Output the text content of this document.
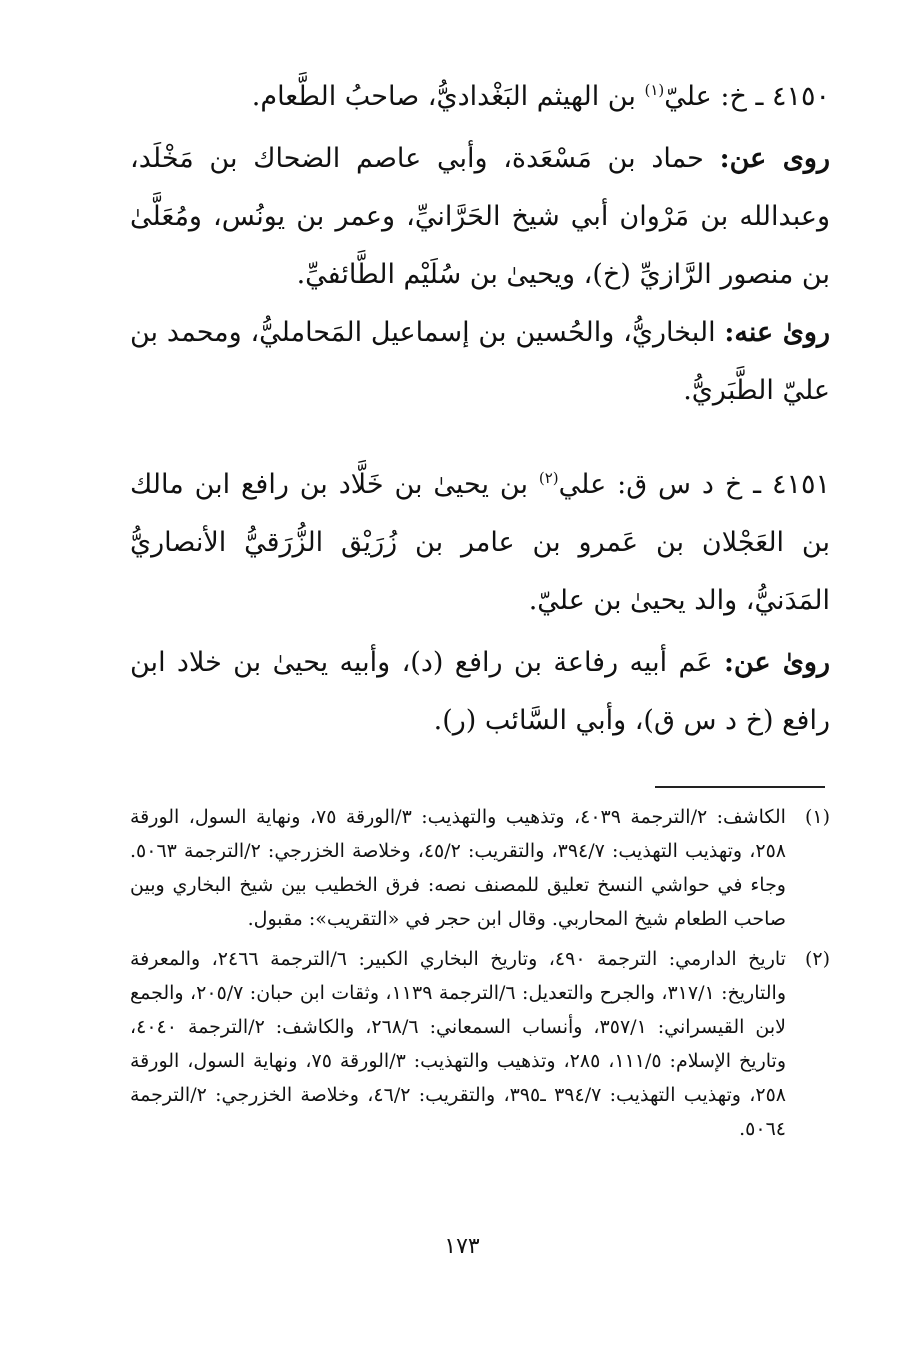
٤١٥٠ ـ خ: عليّ$^{(١)}$ بن الهيثم البَغْداديُّ، صاحبُ الطَّعام.

روى عن: حماد بن مَسْعَدة، وأبي عاصم الضحاك بن مَخْلَد، وعبدالله بن مَرْوان أبي شيخ الحَرَّانيِّ، وعمر بن يونُس، ومُعَلَّىٰ بن منصور الرَّازيِّ (خ)، ويحيىٰ بن سُلَيْم الطَّائفيِّ.

روىٰ عنه: البخاريُّ، والحُسين بن إسماعيل المَحامليُّ، ومحمد بن عليّ الطَّبَريُّ.

٤١٥١ ـ خ د س ق: علي$^{(٢)}$ بن يحيىٰ بن خَلَّاد بن رافع ابن مالك بن العَجْلان بن عَمرو بن عامر بن زُرَيْق الزُّرَقيُّ الأنصاريُّ المَدَنيُّ، والد يحيىٰ بن عليّ.

روىٰ عن: عَم أبيه رفاعة بن رافع (د)، وأبيه يحيىٰ بن خلاد ابن رافع (خ د س ق)، وأبي السَّائب (ر).

(١)
الكاشف: ٢/الترجمة ٤٠٣٩، وتذهيب والتهذيب: ٣/الورقة ٧٥، ونهاية السول، الورقة ٢٥٨، وتهذيب التهذيب: ٣٩٤/٧، والتقريب: ٤٥/٢، وخلاصة الخزرجي: ٢/الترجمة ٥٠٦٣. وجاء في حواشي النسخ تعليق للمصنف نصه: فرق الخطيب بين شيخ البخاري وبين صاحب الطعام شيخ المحاربي. وقال ابن حجر في «التقريب»: مقبول.
(٢)
تاريخ الدارمي: الترجمة ٤٩٠، وتاريخ البخاري الكبير: ٦/الترجمة ٢٤٦٦، والمعرفة والتاريخ: ٣١٧/١، والجرح والتعديل: ٦/الترجمة ١١٣٩، وثقات ابن حبان: ٢٠٥/٧، والجمع لابن القيسراني: ٣٥٧/١، وأنساب السمعاني: ٢٦٨/٦، والكاشف: ٢/الترجمة ٤٠٤٠، وتاريخ الإسلام: ١١١/٥، ٢٨٥، وتذهيب والتهذيب: ٣/الورقة ٧٥، ونهاية السول، الورقة ٢٥٨، وتهذيب التهذيب: ٣٩٤/٧ ـ٣٩٥، والتقريب: ٤٦/٢، وخلاصة الخزرجي: ٢/الترجمة ٥٠٦٤.
١٧٣
